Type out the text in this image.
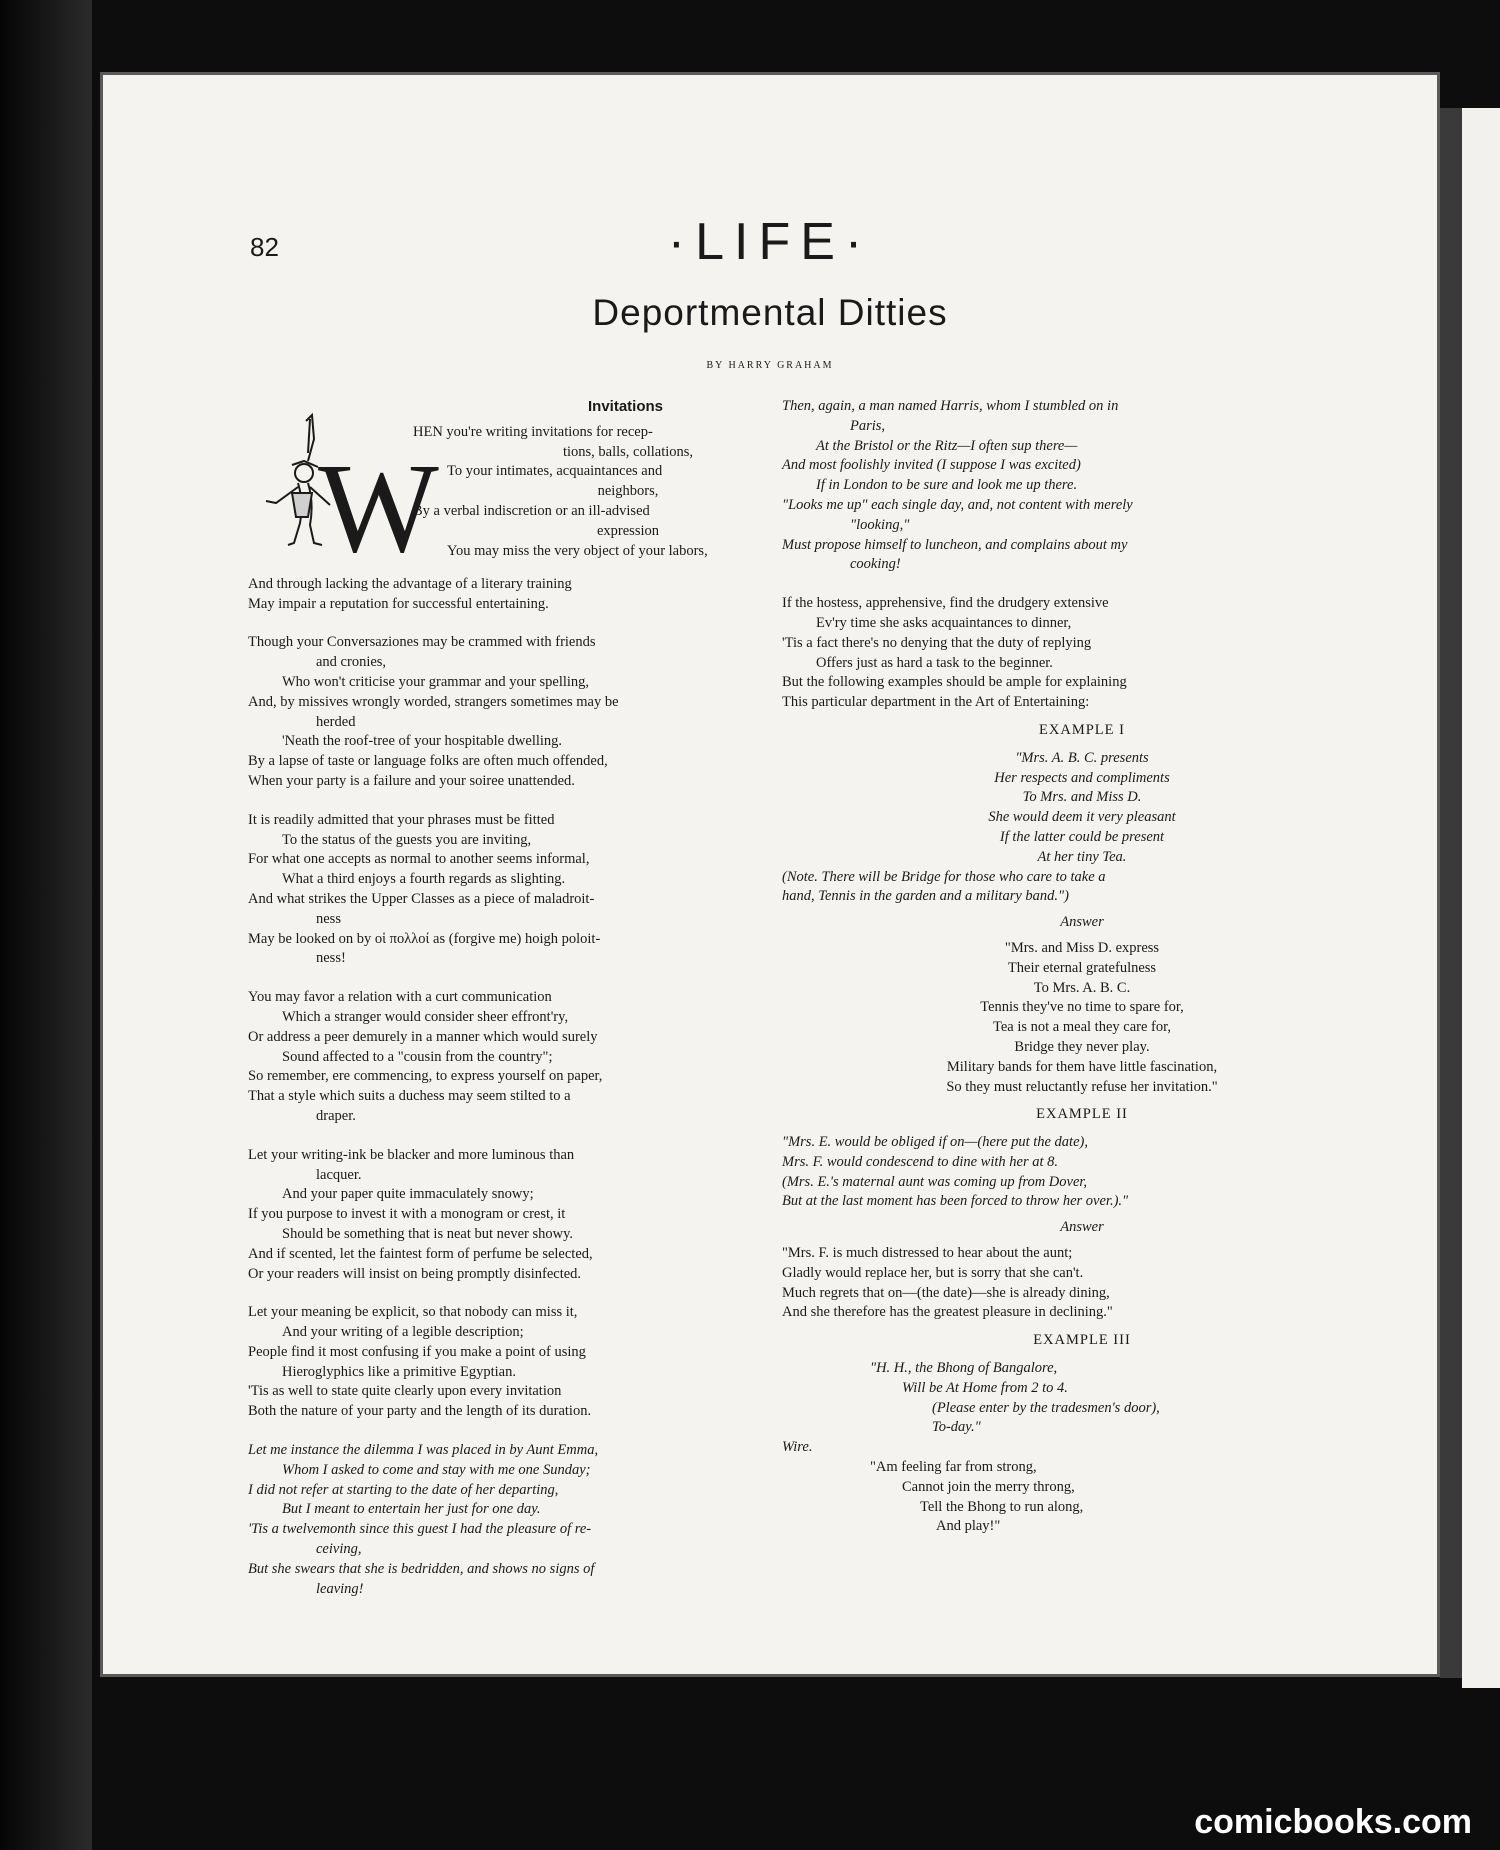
82	·LIFE·
Deportmental Ditties
BY HARRY GRAHAM
Invitations
W
HEN you're writing invitations for recep-
tions, balls, collations,
To your intimates, acquaintances and
neighbors,
By a verbal indiscretion or an ill-advised
expression
You may miss the very object of your labors,
And through lacking the advantage of a literary training
May impair a reputation for successful entertaining.
Though your Conversaziones may be crammed with friends
and cronies,
Who won't criticise your grammar and your spelling,
And, by missives wrongly worded, strangers sometimes may be
herded
'Neath the roof-tree of your hospitable dwelling.
By a lapse of taste or language folks are often much offended,
When your party is a failure and your soiree unattended.
It is readily admitted that your phrases must be fitted
To the status of the guests you are inviting,
For what one accepts as normal to another seems informal,
What a third enjoys a fourth regards as slighting.
And what strikes the Upper Classes as a piece of maladroit-
ness
May be looked on by οἱ πολλοί as (forgive me) hoigh poloit-
ness!
You may favor a relation with a curt communication
Which a stranger would consider sheer effront'ry,
Or address a peer demurely in a manner which would surely
Sound affected to a "cousin from the country";
So remember, ere commencing, to express yourself on paper,
That a style which suits a duchess may seem stilted to a
draper.
Let your writing-ink be blacker and more luminous than
lacquer.
And your paper quite immaculately snowy;
If you purpose to invest it with a monogram or crest, it
Should be something that is neat but never showy.
And if scented, let the faintest form of perfume be selected,
Or your readers will insist on being promptly disinfected.
Let your meaning be explicit, so that nobody can miss it,
And your writing of a legible description;
People find it most confusing if you make a point of using
Hieroglyphics like a primitive Egyptian.
'Tis as well to state quite clearly upon every invitation
Both the nature of your party and the length of its duration.
Let me instance the dilemma I was placed in by Aunt Emma,
Whom I asked to come and stay with me one Sunday;
I did not refer at starting to the date of her departing,
But I meant to entertain her just for one day.
'Tis a twelvemonth since this guest I had the pleasure of re-
ceiving,
But she swears that she is bedridden, and shows no signs of
leaving!
Then, again, a man named Harris, whom I stumbled on in
Paris,
At the Bristol or the Ritz—I often sup there—
And most foolishly invited (I suppose I was excited)
If in London to be sure and look me up there.
"Looks me up" each single day, and, not content with merely
"looking,"
Must propose himself to luncheon, and complains about my
cooking!
If the hostess, apprehensive, find the drudgery extensive
Ev'ry time she asks acquaintances to dinner,
'Tis a fact there's no denying that the duty of replying
Offers just as hard a task to the beginner.
But the following examples should be ample for explaining
This particular department in the Art of Entertaining:
EXAMPLE I
"Mrs. A. B. C. presents
Her respects and compliments
To Mrs. and Miss D.
She would deem it very pleasant
If the latter could be present
At her tiny Tea.
(Note. There will be Bridge for those who care to take a
hand, Tennis in the garden and a military band.")
Answer
"Mrs. and Miss D. express
Their eternal gratefulness
To Mrs. A. B. C.
Tennis they've no time to spare for,
Tea is not a meal they care for,
Bridge they never play.
Military bands for them have little fascination,
So they must reluctantly refuse her invitation."
EXAMPLE II
"Mrs. E. would be obliged if on—(here put the date),
Mrs. F. would condescend to dine with her at 8.
(Mrs. E.'s maternal aunt was coming up from Dover,
But at the last moment has been forced to throw her over.)."
Answer
"Mrs. F. is much distressed to hear about the aunt;
Gladly would replace her, but is sorry that she can't.
Much regrets that on—(the date)—she is already dining,
And she therefore has the greatest pleasure in declining."
EXAMPLE III
"H. H., the Bhong of Bangalore,
Will be At Home from 2 to 4.
(Please enter by the tradesmen's door),
To-day."
Wire.
"Am feeling far from strong,
Cannot join the merry throng,
Tell the Bhong to run along,
And play!"
comicbooks.com
